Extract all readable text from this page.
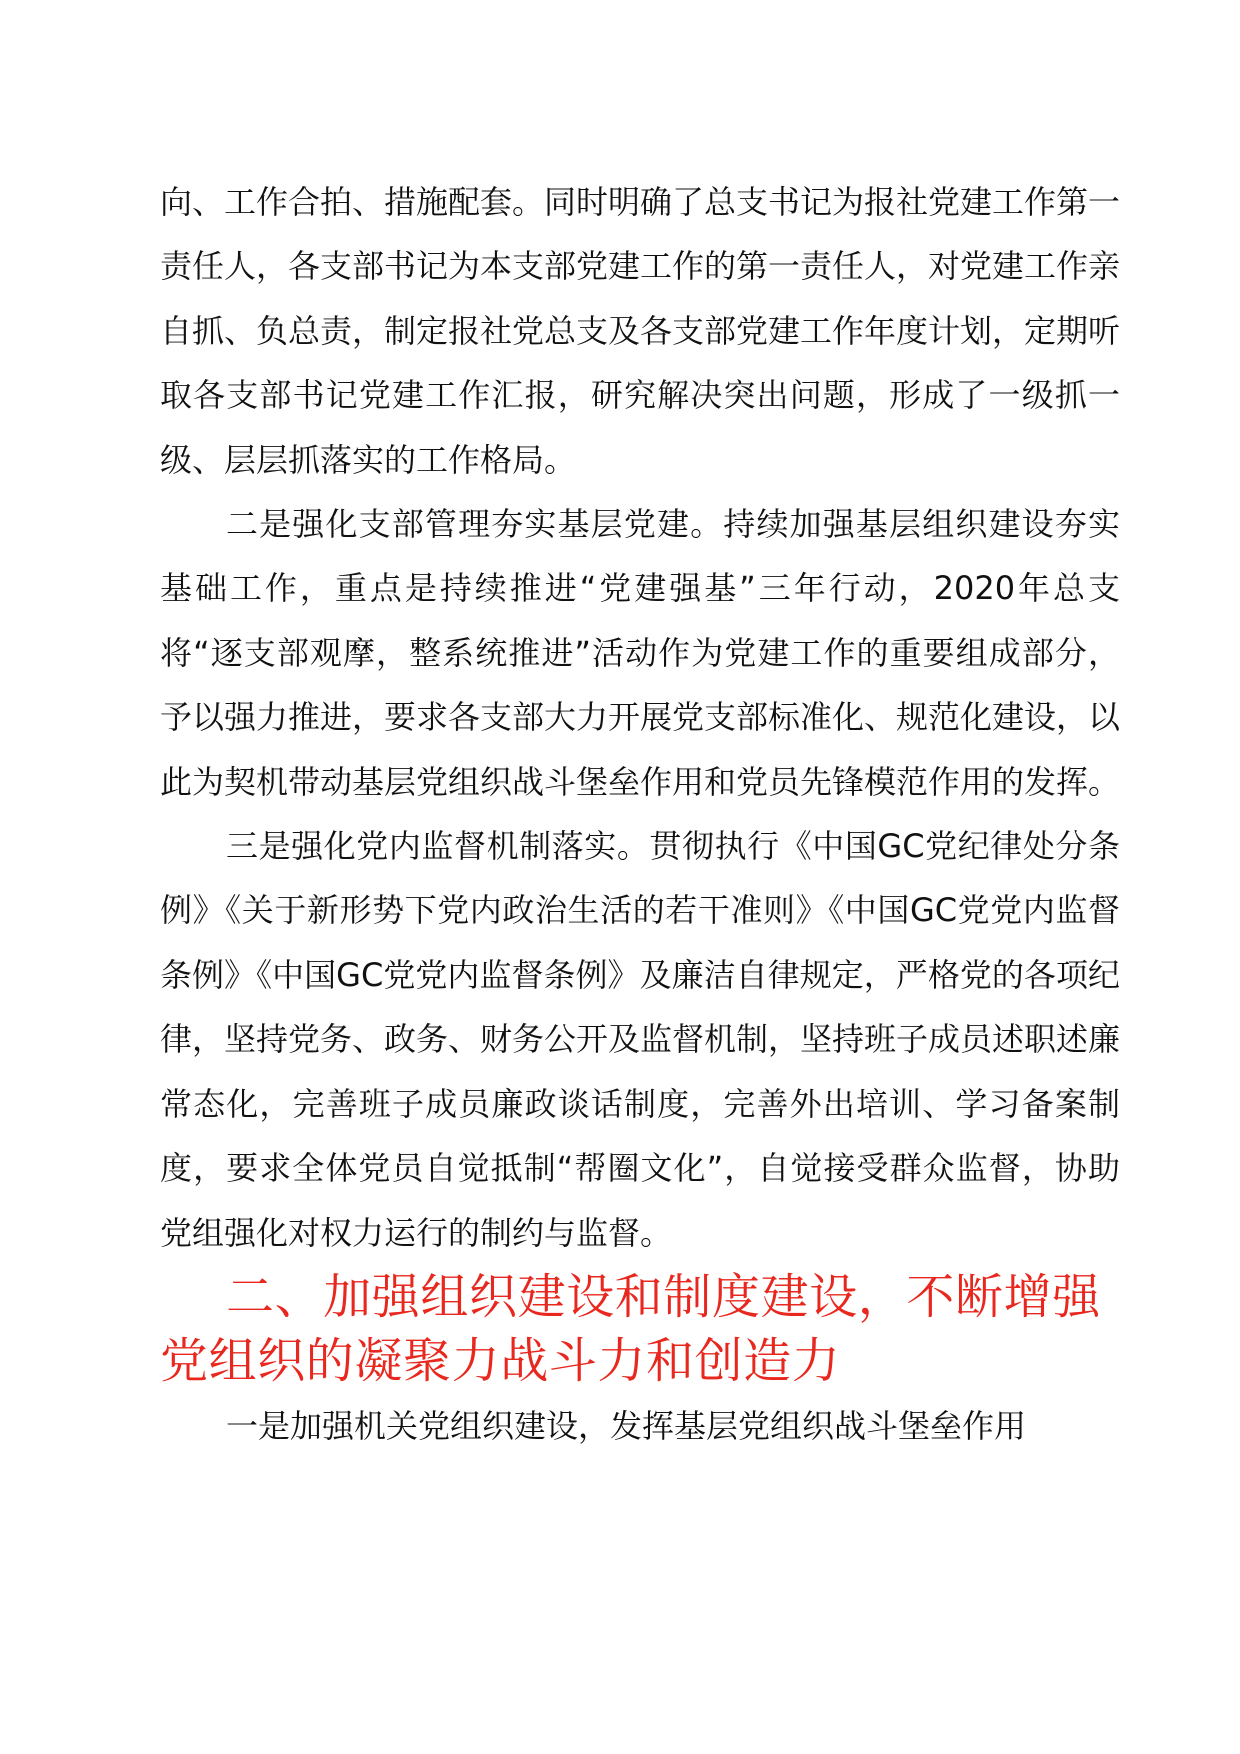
向、工作合拍、措施配套。同时明确了总支书记为报社党建工作第一责任人，各支部书记为本支部党建工作的第一责任人，对党建工作亲自抓、负总责，制定报社党总支及各支部党建工作年度计划，定期听取各支部书记党建工作汇报，研究解决突出问题，形成了一级抓一级、层层抓落实的工作格局。

二是强化支部管理夯实基层党建。持续加强基层组织建设夯实基础工作，重点是持续推进“党建强基”三年行动，2020年总支将“逐支部观摩，整系统推进”活动作为党建工作的重要组成部分，予以强力推进，要求各支部大力开展党支部标准化、规范化建设，以此为契机带动基层党组织战斗堡垒作用和党员先锋模范作用的发挥。

三是强化党内监督机制落实。贯彻执行《中国GC党纪律处分条例》《关于新形势下党内政治生活的若干准则》《中国GC党党内监督条例》《中国GC党党内监督条例》及廉洁自律规定，严格党的各项纪律，坚持党务、政务、财务公开及监督机制，坚持班子成员述职述廉常态化，完善班子成员廉政谈话制度，完善外出培训、学习备案制度，要求全体党员自觉抵制“帮圈文化”，自觉接受群众监督，协助党组强化对权力运行的制约与监督。

二、加强组织建设和制度建设，不断增强党组织的凝聚力战斗力和创造力

一是加强机关党组织建设，发挥基层党组织战斗堡垒作用
